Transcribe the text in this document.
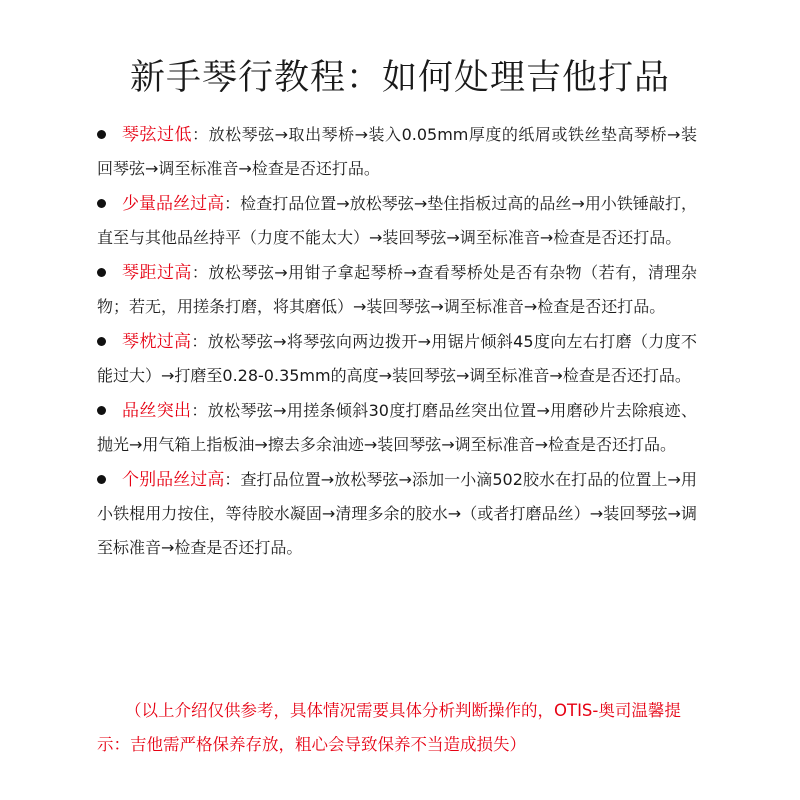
新手琴行教程：如何处理吉他打品
琴弦过低：放松琴弦→取出琴桥→装入0.05mm厚度的纸屑或铁丝垫高琴桥→装回琴弦→调至标准音→检查是否还打品。
少量品丝过高：检查打品位置→放松琴弦→垫住指板过高的品丝→用小铁锤敲打，直至与其他品丝持平（力度不能太大）→装回琴弦→调至标准音→检查是否还打品。
琴距过高：放松琴弦→用钳子拿起琴桥→查看琴桥处是否有杂物（若有，清理杂物；若无，用搓条打磨，将其磨低）→装回琴弦→调至标准音→检查是否还打品。
琴枕过高：放松琴弦→将琴弦向两边拨开→用锯片倾斜45度向左右打磨（力度不能过大）→打磨至0.28-0.35mm的高度→装回琴弦→调至标准音→检查是否还打品。
品丝突出：放松琴弦→用搓条倾斜30度打磨品丝突出位置→用磨砂片去除痕迹、抛光→用气箱上指板油→擦去多余油迹→装回琴弦→调至标准音→检查是否还打品。
个别品丝过高：查打品位置→放松琴弦→添加一小滴502胶水在打品的位置上→用小铁棍用力按住，等待胶水凝固→清理多余的胶水→（或者打磨品丝）→装回琴弦→调至标准音→检查是否还打品。
（以上介绍仅供参考，具体情况需要具体分析判断操作的，OTIS-奥司温馨提示：吉他需严格保养存放，粗心会导致保养不当造成损失）
